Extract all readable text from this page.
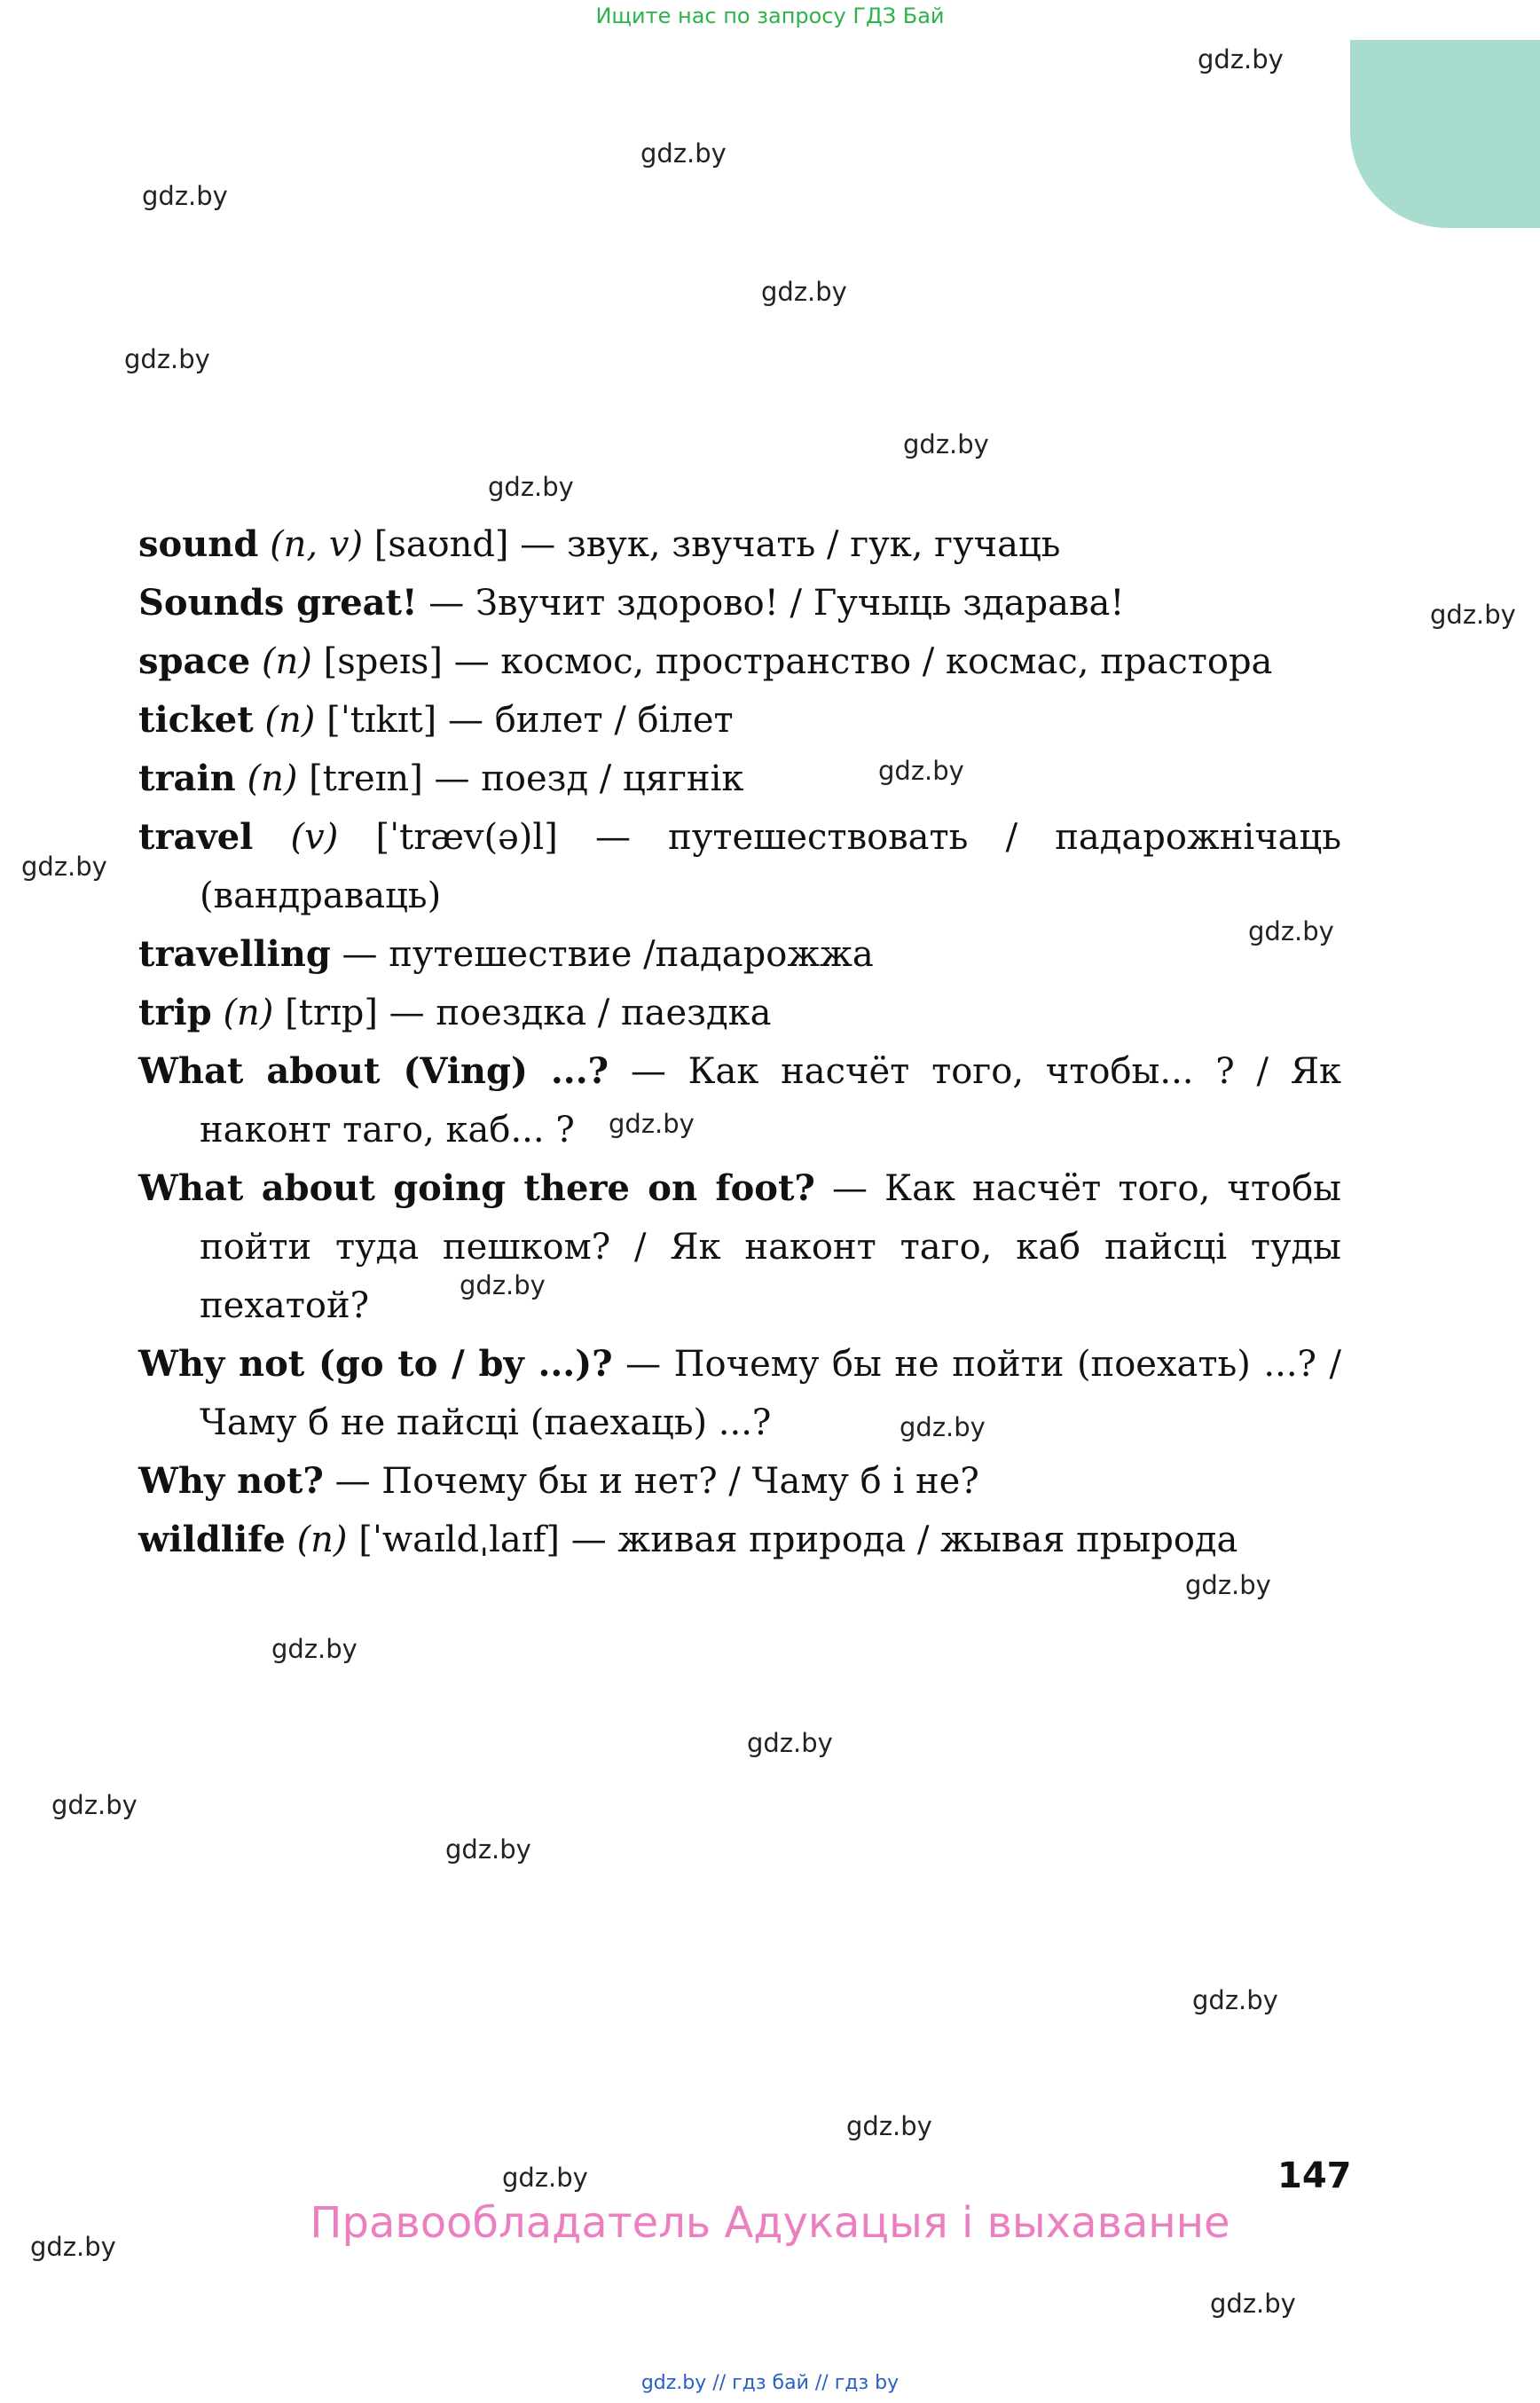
Ищите нас по запросу ГДЗ Бай
gdz.by
gdz.by
gdz.by
gdz.by
gdz.by
gdz.by
gdz.by
gdz.by
gdz.by
gdz.by
gdz.by
gdz.by
gdz.by
gdz.by
gdz.by
gdz.by
gdz.by
gdz.by
gdz.by
gdz.by
gdz.by
gdz.by
gdz.by
gdz.by
sound (n, v) [saʊnd] — звук, звучать / гук, гучаць
Sounds great! — Звучит здорово! / Гучыць здарава!
space (n) [speɪs] — космос, пространство / космас, прастора
ticket (n) [ˈtɪkɪt] — билет / білет
train (n) [treɪn] — поезд / цягнік
travel (v) [ˈtræv(ə)l] — путешествовать / падарожнічаць (вандраваць)
travelling — путешествие /падарожжа
trip (n) [trɪp] — поездка / паездка
What about (Ving) ...? — Как насчёт того, чтобы... ? / Як наконт таго, каб... ?
What about going there on foot? — Как насчёт того, чтобы пойти туда пешком? / Як наконт таго, каб пайсці туды пехатой?
Why not (go to / by ...)? — Почему бы не пойти (поехать) ...? / Чаму б не пайсці (паехаць) ...?
Why not? — Почему бы и нет? / Чаму б і не?
wildlife (n) [ˈwaɪldˌlaɪf] — живая природа / жывая прырода
147
Правообладатель Адукацыя і выхаванне
gdz.by // гдз бай // гдз by
